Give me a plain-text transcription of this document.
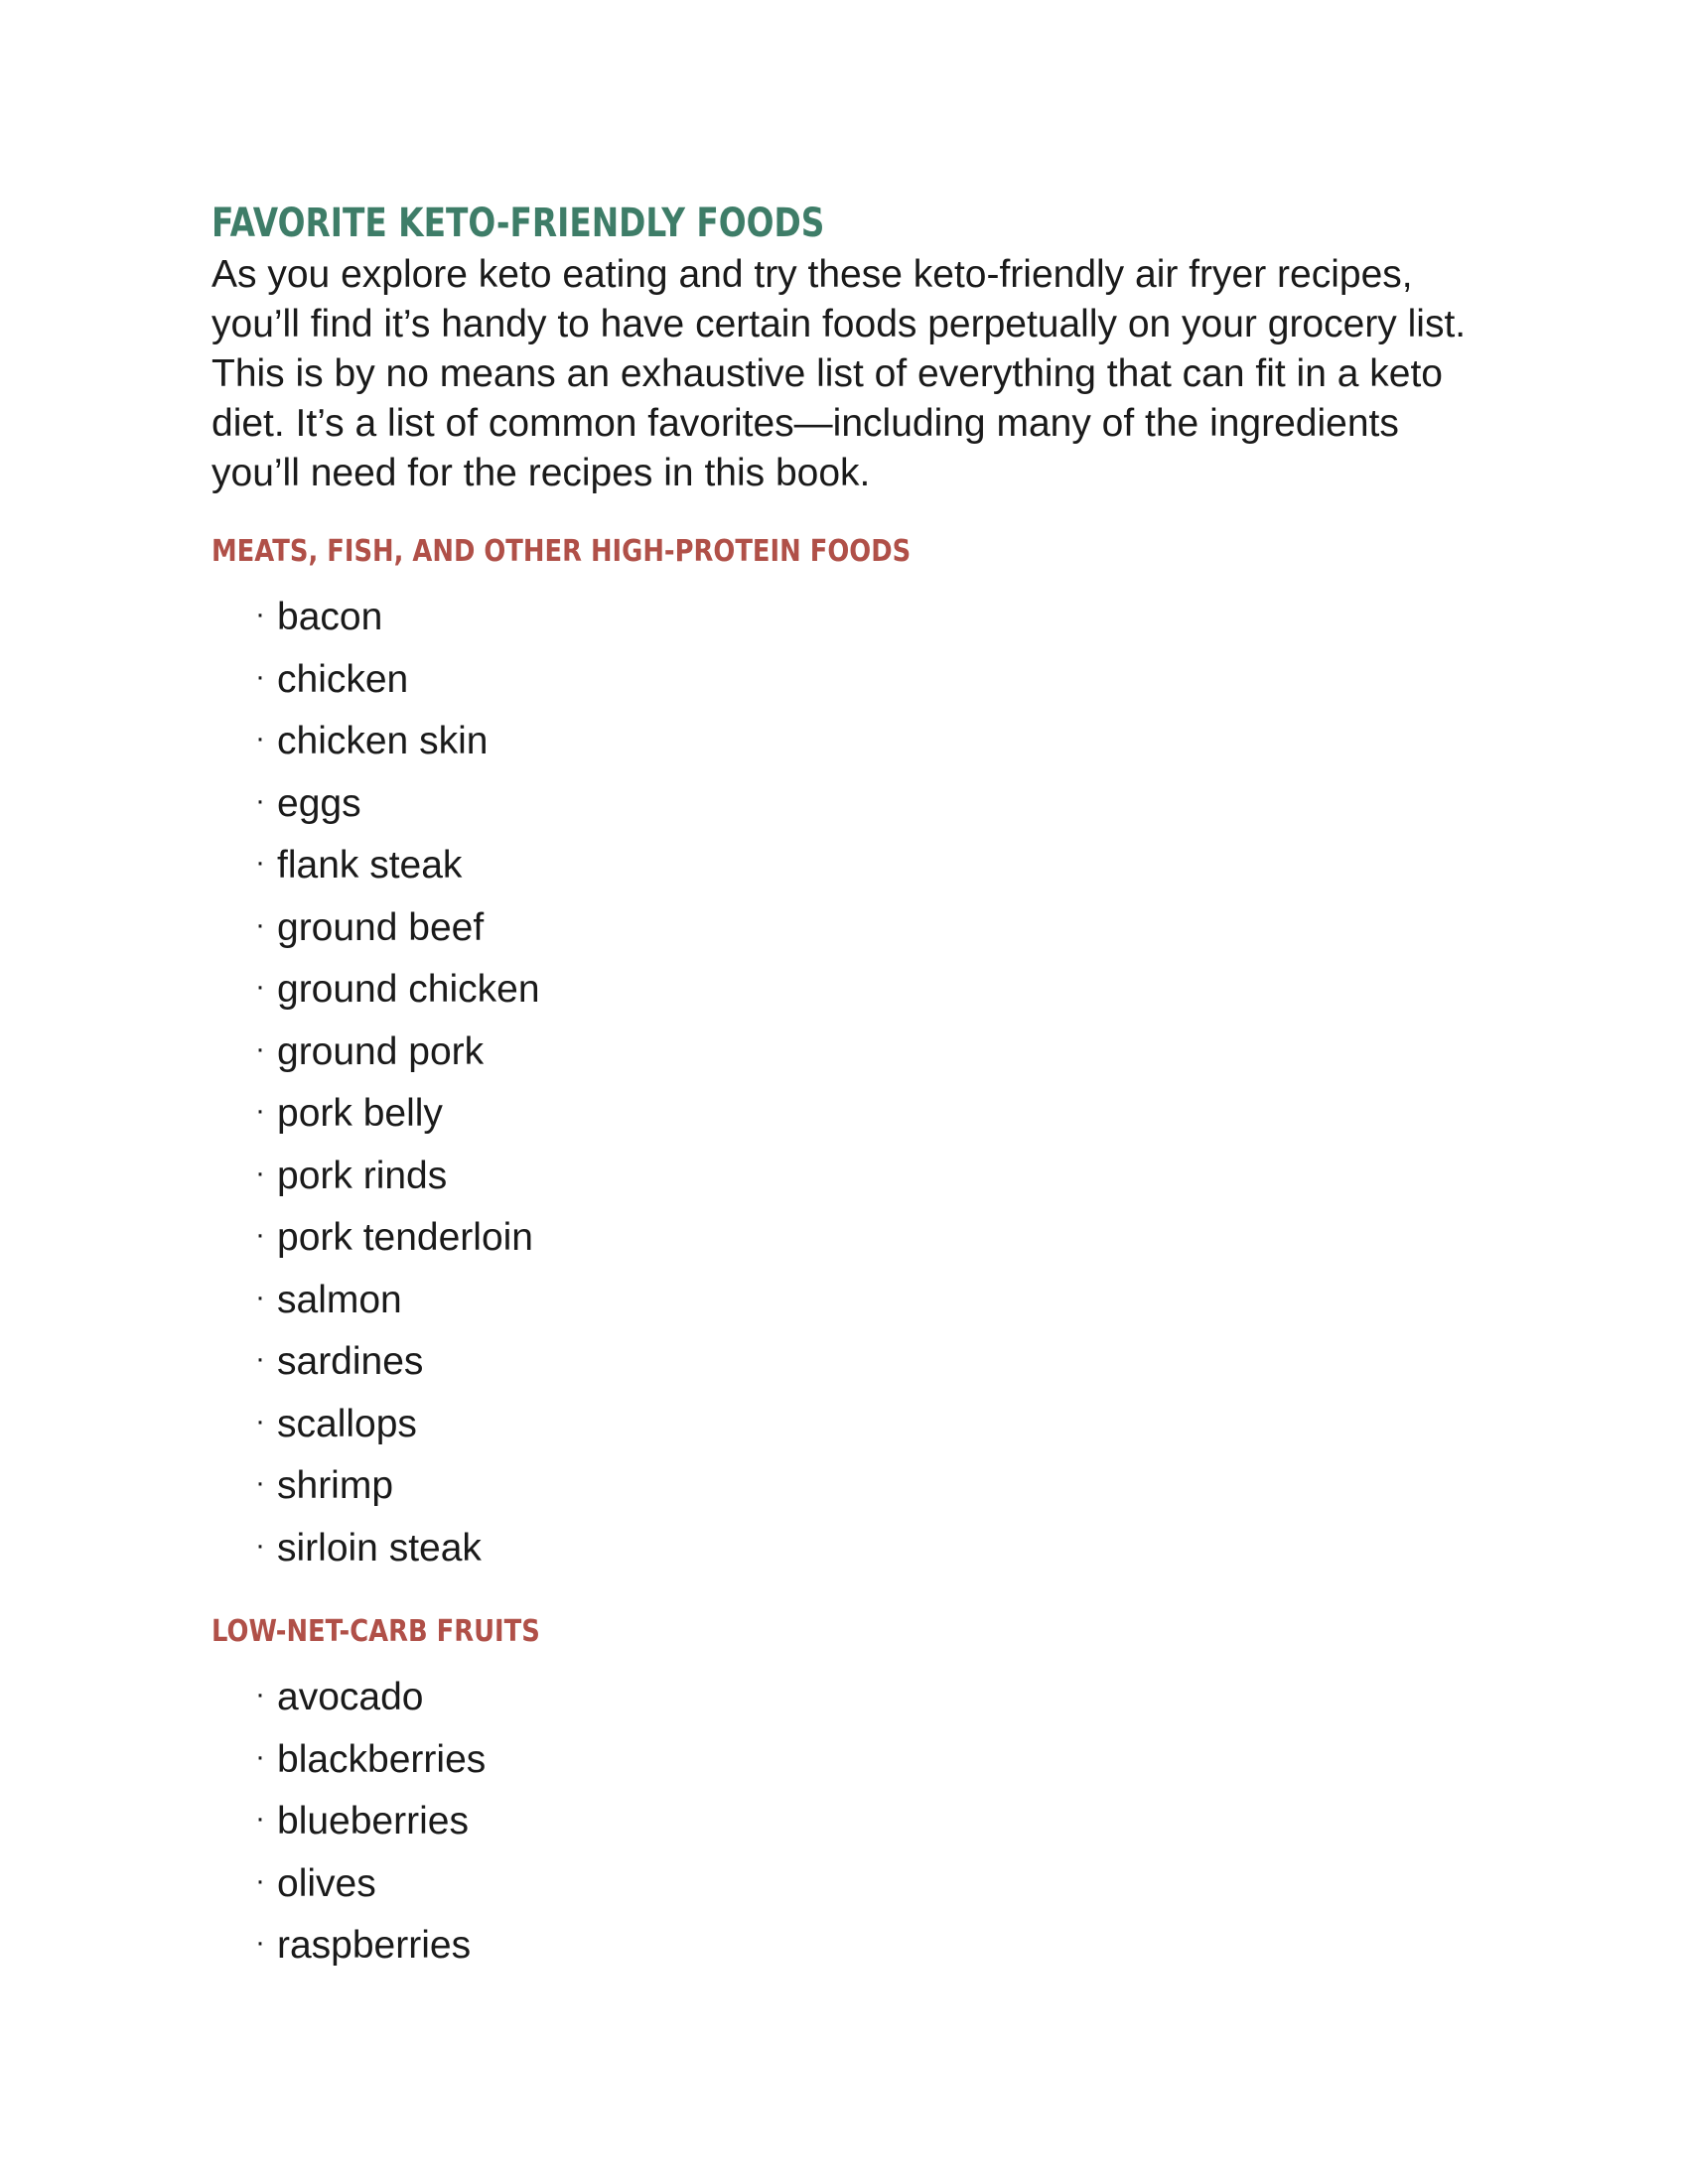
FAVORITE KETO-FRIENDLY FOODS

As you explore keto eating and try these keto-friendly air fryer recipes, you’ll find it’s handy to have certain foods perpetually on your grocery list. This is by no means an exhaustive list of everything that can fit in a keto diet. It’s a list of common favorites—including many of the ingredients you’ll need for the recipes in this book.

MEATS, FISH, AND OTHER HIGH-PROTEIN FOODS
· bacon
· chicken
· chicken skin
· eggs
· flank steak
· ground beef
· ground chicken
· ground pork
· pork belly
· pork rinds
· pork tenderloin
· salmon
· sardines
· scallops
· shrimp
· sirloin steak
LOW-NET-CARB FRUITS
· avocado
· blackberries
· blueberries
· olives
· raspberries
